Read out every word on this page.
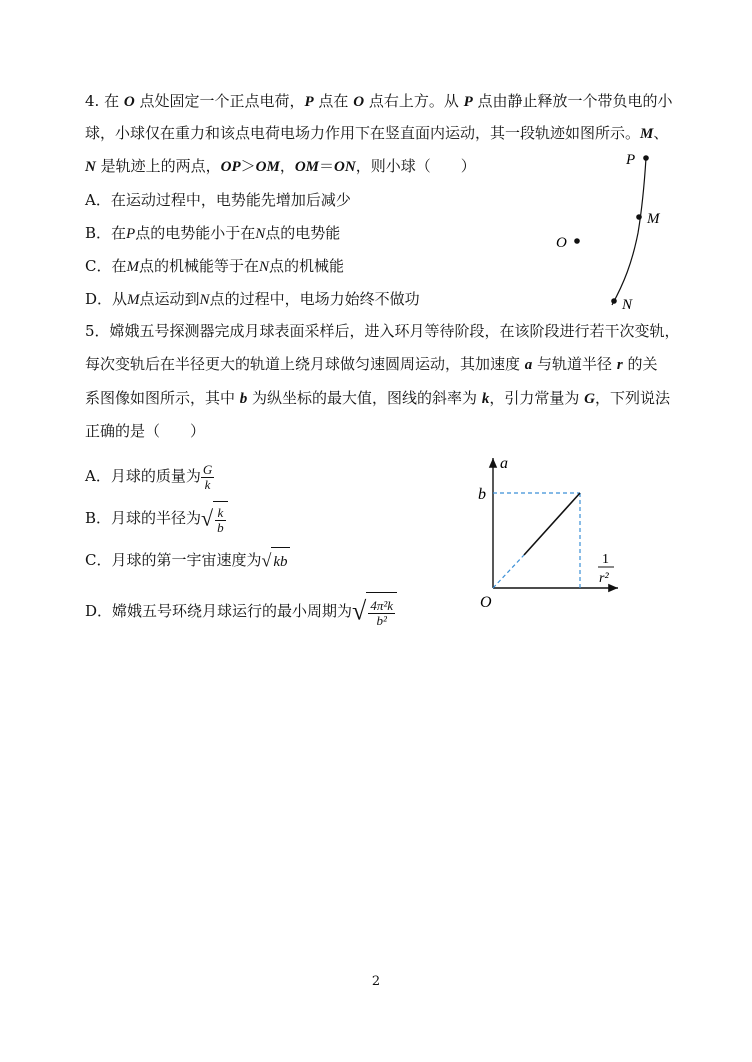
4. 在 O 点处固定一个正点电荷，P 点在 O 点右上方。从 P 点由静止释放一个带负电的小
球，小球仅在重力和该点电荷电场力作用下在竖直面内运动，其一段轨迹如图所示。M、
N 是轨迹上的两点，OP＞OM，OM＝ON，则小球（　　）
A．在运动过程中，电势能先增加后减少
B．在P点的电势能小于在N点的电势能
C．在M点的机械能等于在N点的机械能
D．从M点运动到N点的过程中，电场力始终不做功
P
M
N
O
5．嫦娥五号探测器完成月球表面采样后，进入环月等待阶段，在该阶段进行若干次变轨，
每次变轨后在半径更大的轨道上绕月球做匀速圆周运动，其加速度 a 与轨道半径 r 的关
系图像如图所示，其中 b 为纵坐标的最大值，图线的斜率为 k，引力常量为 G，下列说法
正确的是（　　）
A．月球的质量为 $\frac{G}{k}$
B．月球的半径为√ $\frac{k}{b}$
C．月球的第一宇宙速度为√ kb
D．嫦娥五号环绕月球运行的最小周期为√ $\frac{\text{4π²k}}{\text{b²}}$
a
b
O
1
r²
2
